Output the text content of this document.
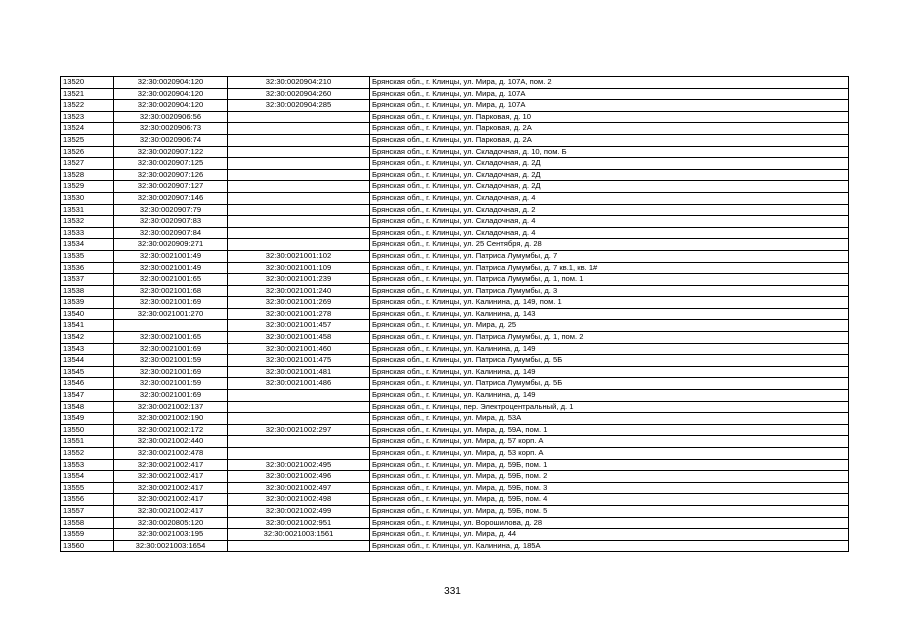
13520	32:30:0020904:120	32:30:0020904:210	Брянская обл., г. Клинцы, ул. Мира, д. 107А, пом. 2
13521	32:30:0020904:120	32:30:0020904:260	Брянская обл., г. Клинцы, ул. Мира, д. 107А
13522	32:30:0020904:120	32:30:0020904:285	Брянская обл., г. Клинцы, ул. Мира, д. 107А
13523	32:30:0020906:56		Брянская обл., г. Клинцы, ул. Парковая, д. 10
13524	32:30:0020906:73		Брянская обл., г. Клинцы, ул. Парковая, д. 2А
13525	32:30:0020906:74		Брянская обл., г. Клинцы, ул. Парковая, д. 2А
13526	32:30:0020907:122		Брянская обл., г. Клинцы, ул. Складочная, д. 10, пом. Б
13527	32:30:0020907:125		Брянская обл., г. Клинцы, ул. Складочная, д. 2Д
13528	32:30:0020907:126		Брянская обл., г. Клинцы, ул. Складочная, д. 2Д
13529	32:30:0020907:127		Брянская обл., г. Клинцы, ул. Складочная, д. 2Д
13530	32:30:0020907:146		Брянская обл., г. Клинцы, ул. Складочная, д. 4
13531	32:30:0020907:79		Брянская обл., г. Клинцы, ул. Складочная, д. 2
13532	32:30:0020907:83		Брянская обл., г. Клинцы, ул. Складочная, д. 4
13533	32:30:0020907:84		Брянская обл., г. Клинцы, ул. Складочная, д. 4
13534	32:30:0020909:271		Брянская обл., г. Клинцы, ул. 25 Сентября, д. 28
13535	32:30:0021001:49	32:30:0021001:102	Брянская обл., г. Клинцы, ул. Патриса Лумумбы, д. 7
13536	32:30:0021001:49	32:30:0021001:109	Брянская обл., г. Клинцы, ул. Патриса Лумумбы, д. 7 кв.1, кв. 1#
13537	32:30:0021001:65	32:30:0021001:239	Брянская обл., г. Клинцы, ул. Патриса Лумумбы, д. 1, пом. 1
13538	32:30:0021001:68	32:30:0021001:240	Брянская обл., г. Клинцы, ул. Патриса Лумумбы, д. 3
13539	32:30:0021001:69	32:30:0021001:269	Брянская обл., г. Клинцы, ул. Калинина, д. 149, пом. 1
13540	32:30:0021001:270	32:30:0021001:278	Брянская обл., г. Клинцы, ул. Калинина, д. 143
13541		32:30:0021001:457	Брянская обл., г. Клинцы, ул. Мира, д. 25
13542	32:30:0021001:65	32:30:0021001:458	Брянская обл., г. Клинцы, ул. Патриса Лумумбы, д. 1, пом. 2
13543	32:30:0021001:69	32:30:0021001:460	Брянская обл., г. Клинцы, ул. Калинина, д. 149
13544	32:30:0021001:59	32:30:0021001:475	Брянская обл., г. Клинцы, ул. Патриса Лумумбы, д. 5Б
13545	32:30:0021001:69	32:30:0021001:481	Брянская обл., г. Клинцы, ул. Калинина, д. 149
13546	32:30:0021001:59	32:30:0021001:486	Брянская обл., г. Клинцы, ул. Патриса Лумумбы, д. 5Б
13547	32:30:0021001:69		Брянская обл., г. Клинцы, ул. Калинина, д. 149
13548	32:30:0021002:137		Брянская обл., г. Клинцы, пер. Электроцентральный, д. 1
13549	32:30:0021002:190		Брянская обл., г. Клинцы, ул. Мира, д. 53А
13550	32:30:0021002:172	32:30:0021002:297	Брянская обл., г. Клинцы, ул. Мира, д. 59А, пом. 1
13551	32:30:0021002:440		Брянская обл., г. Клинцы, ул. Мира, д. 57 корп. А
13552	32:30:0021002:478		Брянская обл., г. Клинцы, ул. Мира, д. 53 корп. А
13553	32:30:0021002:417	32:30:0021002:495	Брянская обл., г. Клинцы, ул. Мира, д. 59Б, пом. 1
13554	32:30:0021002:417	32:30:0021002:496	Брянская обл., г. Клинцы, ул. Мира, д. 59Б, пом. 2
13555	32:30:0021002:417	32:30:0021002:497	Брянская обл., г. Клинцы, ул. Мира, д. 59Б, пом. 3
13556	32:30:0021002:417	32:30:0021002:498	Брянская обл., г. Клинцы, ул. Мира, д. 59Б, пом. 4
13557	32:30:0021002:417	32:30:0021002:499	Брянская обл., г. Клинцы, ул. Мира, д. 59Б, пом. 5
13558	32:30:0020805:120	32:30:0021002:951	Брянская обл., г. Клинцы, ул. Ворошилова, д. 28
13559	32:30:0021003:195	32:30:0021003:1561	Брянская обл., г. Клинцы, ул. Мира, д. 44
13560	32:30:0021003:1654		Брянская обл., г. Клинцы, ул. Калинина, д. 185А
331
